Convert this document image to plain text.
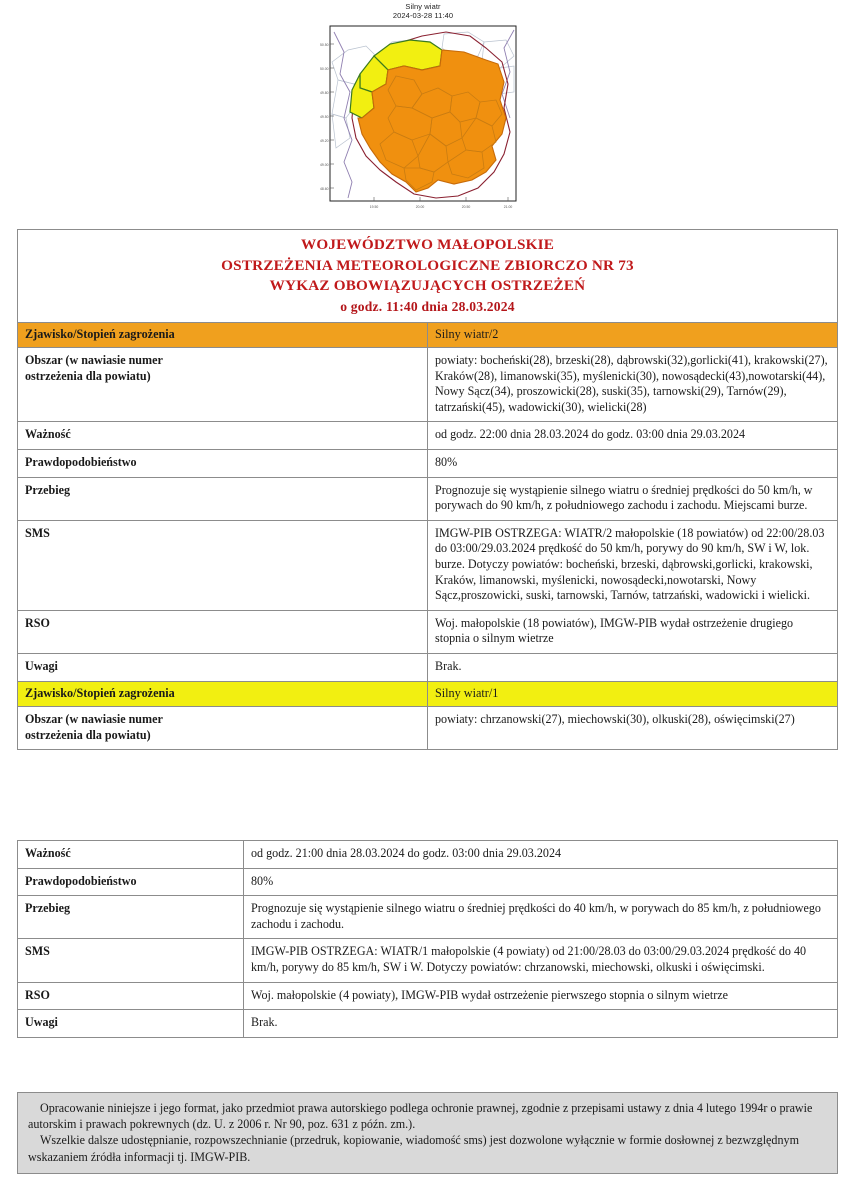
Silny wiatr
2024-03-28 11:40
50.50
50.00
49.80
49.50
49.20
49.00
48.60
19.50	20.00	20.50	21.00
WOJEWÓDZTWO MAŁOPOLSKIE
OSTRZEŻENIA METEOROLOGICZNE ZBIORCZO NR 73
WYKAZ OBOWIĄZUJĄCYCH OSTRZEŻEŃ
o godz. 11:40 dnia 28.03.2024	

Zjawisko/Stopień zagrożenia	Silny wiatr/2

Obszar (w nawiasie numer
ostrzeżenia dla powiatu)	powiaty: bocheński(28), brzeski(28), dąbrowski(32),gorlicki(41), krakowski(27), Kraków(28), limanowski(35), myślenicki(30), nowosądecki(43),nowotarski(44), Nowy Sącz(34), proszowicki(28), suski(35), tarnowski(29), Tarnów(29), tatrzański(45), wadowicki(30), wielicki(28)
Ważność	od godz. 22:00 dnia 28.03.2024 do godz. 03:00 dnia 29.03.2024
Prawdopodobieństwo	80%
Przebieg	Prognozuje się wystąpienie silnego wiatru o średniej prędkości do 50 km/h, w porywach do 90 km/h, z południowego zachodu i zachodu. Miejscami burze.
SMS	IMGW-PIB OSTRZEGA: WIATR/2 małopolskie (18 powiatów) od 22:00/28.03 do 03:00/29.03.2024 prędkość do 50 km/h, porywy do 90 km/h, SW i W, lok. burze. Dotyczy powiatów: bocheński, brzeski, dąbrowski,gorlicki, krakowski, Kraków, limanowski, myślenicki, nowosądecki,nowotarski, Nowy Sącz,proszowicki, suski, tarnowski, Tarnów, tatrzański, wadowicki i wielicki.
RSO	Woj. małopolskie (18 powiatów), IMGW-PIB wydał ostrzeżenie drugiego stopnia o silnym wietrze
Uwagi	Brak.
Zjawisko/Stopień zagrożenia	Silny wiatr/1

Obszar (w nawiasie numer
ostrzeżenia dla powiatu)	powiaty: chrzanowski(27), miechowski(30), olkuski(28), oświęcimski(27)
Ważność	od godz. 21:00 dnia 28.03.2024 do godz. 03:00 dnia 29.03.2024
Prawdopodobieństwo	80%
Przebieg	Prognozuje się wystąpienie silnego wiatru o średniej prędkości do 40 km/h, w porywach do 85 km/h, z południowego zachodu i zachodu.
SMS	IMGW-PIB OSTRZEGA: WIATR/1 małopolskie (4 powiaty) od 21:00/28.03 do 03:00/29.03.2024 prędkość do 40 km/h, porywy do 85 km/h, SW i W. Dotyczy powiatów: chrzanowski, miechowski, olkuski i oświęcimski.
RSO	Woj. małopolskie (4 powiaty), IMGW-PIB wydał ostrzeżenie pierwszego stopnia o silnym wietrze
Uwagi	Brak.

Opracowanie niniejsze i jego format, jako przedmiot prawa autorskiego podlega ochronie prawnej, zgodnie z przepisami ustawy z dnia 4 lutego 1994r o prawie autorskim i prawach pokrewnych (dz. U. z 2006 r. Nr 90, poz. 631 z późn. zm.).

Wszelkie dalsze udostępnianie, rozpowszechnianie (przedruk, kopiowanie, wiadomość sms) jest dozwolone wyłącznie w formie dosłownej z bezwzględnym wskazaniem źródła informacji tj. IMGW-PIB.
